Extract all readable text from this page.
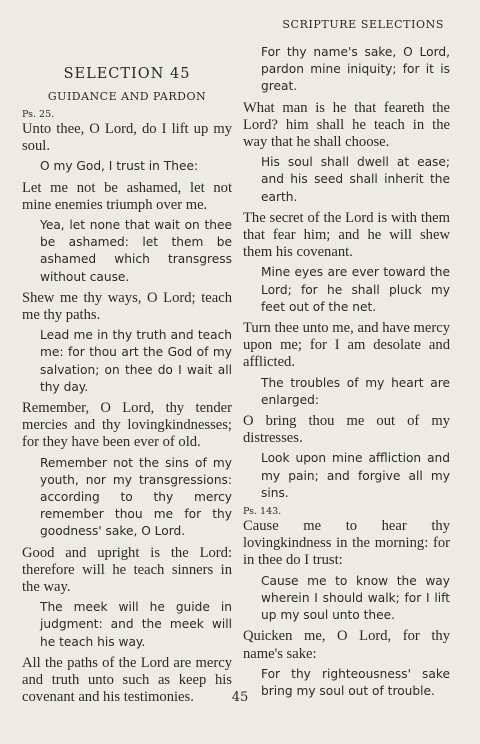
SCRIPTURE SELECTIONS
SELECTION 45
GUIDANCE AND PARDON
Ps. 25.

Unto thee, O Lord, do I lift up my soul.

O my God, I trust in Thee:

Let me not be ashamed, let not mine enemies triumph over me.

Yea, let none that wait on thee be ashamed: let them be ashamed which transgress without cause.

Shew me thy ways, O Lord; teach me thy paths.

Lead me in thy truth and teach me: for thou art the God of my salvation; on thee do I wait all thy day.

Remember, O Lord, thy tender mercies and thy lovingkindnesses; for they have been ever of old.

Remember not the sins of my youth, nor my transgressions: according to thy mercy remember thou me for thy goodness' sake, O Lord.

Good and upright is the Lord: therefore will he teach sinners in the way.

The meek will he guide in judgment: and the meek will he teach his way.

All the paths of the Lord are mercy and truth unto such as keep his covenant and his testimonies.

For thy name's sake, O Lord, pardon mine iniquity; for it is great.

What man is he that feareth the Lord? him shall he teach in the way that he shall choose.

His soul shall dwell at ease; and his seed shall inherit the earth.

The secret of the Lord is with them that fear him; and he will shew them his covenant.

Mine eyes are ever toward the Lord; for he shall pluck my feet out of the net.

Turn thee unto me, and have mercy upon me; for I am desolate and afflicted.

The troubles of my heart are enlarged:

O bring thou me out of my distresses.

Look upon mine affliction and my pain; and forgive all my sins.

Ps. 143.

Cause me to hear thy lovingkindness in the morning: for in thee do I trust:

Cause me to know the way wherein I should walk; for I lift up my soul unto thee.

Quicken me, O Lord, for thy name's sake:

For thy righteousness' sake bring my soul out of trouble.

45
